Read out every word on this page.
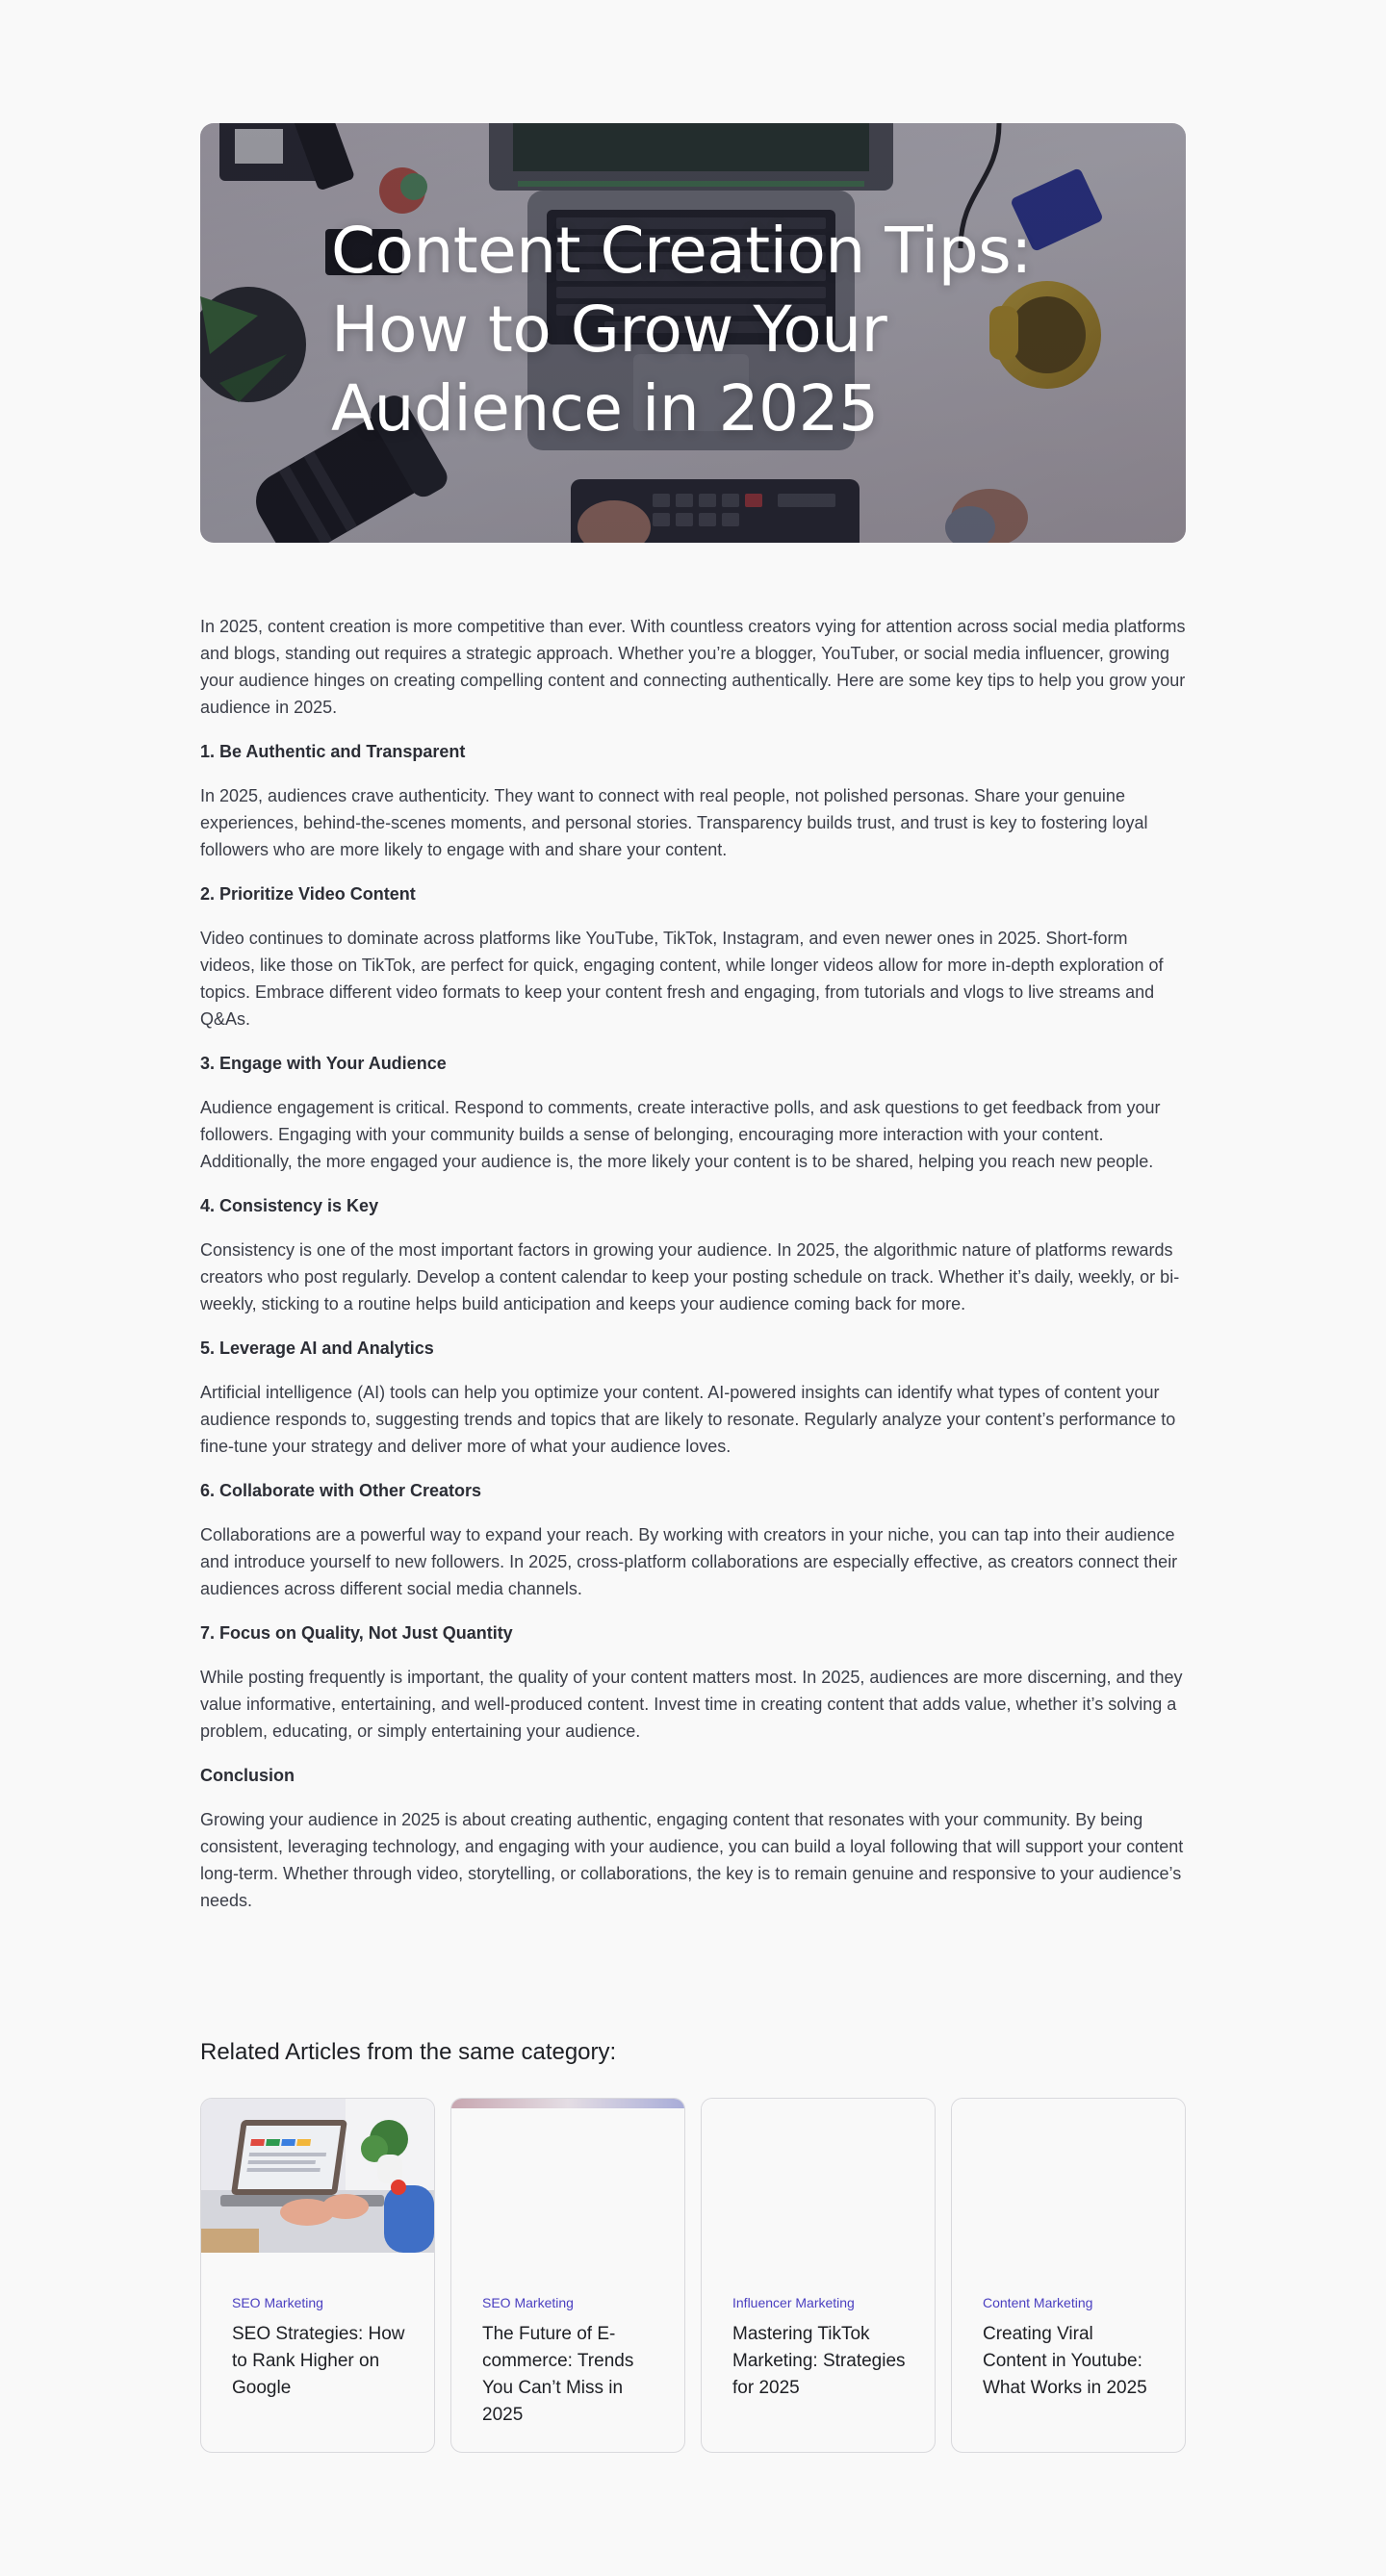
Content Creation Tips: How to Grow Your Audience in 2025

In 2025, content creation is more competitive than ever. With countless creators vying for attention across social media platforms and blogs, standing out requires a strategic approach. Whether you’re a blogger, YouTuber, or social media influencer, growing your audience hinges on creating compelling content and connecting authentically. Here are some key tips to help you grow your audience in 2025.

1. Be Authentic and Transparent

In 2025, audiences crave authenticity. They want to connect with real people, not polished personas. Share your genuine experiences, behind-the-scenes moments, and personal stories. Transparency builds trust, and trust is key to fostering loyal followers who are more likely to engage with and share your content.

2. Prioritize Video Content

Video continues to dominate across platforms like YouTube, TikTok, Instagram, and even newer ones in 2025. Short-form videos, like those on TikTok, are perfect for quick, engaging content, while longer videos allow for more in-depth exploration of topics. Embrace different video formats to keep your content fresh and engaging, from tutorials and vlogs to live streams and Q&As.

3. Engage with Your Audience

Audience engagement is critical. Respond to comments, create interactive polls, and ask questions to get feedback from your followers. Engaging with your community builds a sense of belonging, encouraging more interaction with your content. Additionally, the more engaged your audience is, the more likely your content is to be shared, helping you reach new people.

4. Consistency is Key

Consistency is one of the most important factors in growing your audience. In 2025, the algorithmic nature of platforms rewards creators who post regularly. Develop a content calendar to keep your posting schedule on track. Whether it’s daily, weekly, or bi-weekly, sticking to a routine helps build anticipation and keeps your audience coming back for more.

5. Leverage AI and Analytics

Artificial intelligence (AI) tools can help you optimize your content. AI-powered insights can identify what types of content your audience responds to, suggesting trends and topics that are likely to resonate. Regularly analyze your content’s performance to fine-tune your strategy and deliver more of what your audience loves.

6. Collaborate with Other Creators

Collaborations are a powerful way to expand your reach. By working with creators in your niche, you can tap into their audience and introduce yourself to new followers. In 2025, cross-platform collaborations are especially effective, as creators connect their audiences across different social media channels.

7. Focus on Quality, Not Just Quantity

While posting frequently is important, the quality of your content matters most. In 2025, audiences are more discerning, and they value informative, entertaining, and well-produced content. Invest time in creating content that adds value, whether it’s solving a problem, educating, or simply entertaining your audience.

Conclusion

Growing your audience in 2025 is about creating authentic, engaging content that resonates with your community. By being consistent, leveraging technology, and engaging with your audience, you can build a loyal following that will support your content long-term. Whether through video, storytelling, or collaborations, the key is to remain genuine and responsive to your audience’s needs.

Related Articles from the same category:
SEO Marketing
SEO Strategies: How to Rank Higher on Google
SEO Marketing
The Future of E-commerce: Trends You Can’t Miss in 2025
Influencer Marketing
Mastering TikTok Marketing: Strategies for 2025
Content Marketing
Creating Viral Content in Youtube: What Works in 2025
